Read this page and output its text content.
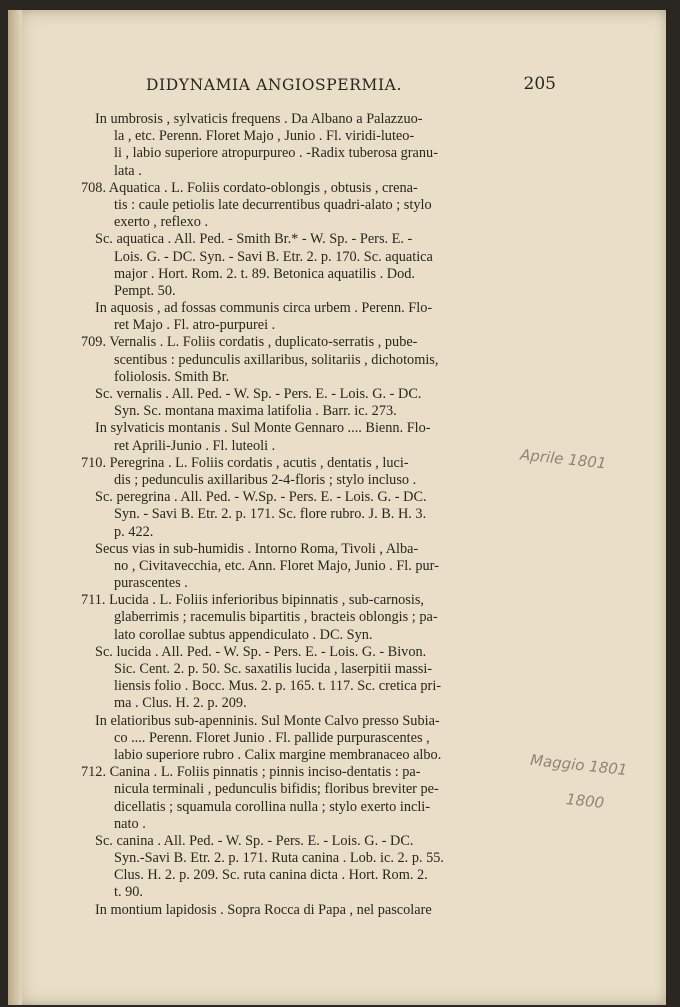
DIDYNAMIA ANGIOSPERMIA.	205
In umbrosis , sylvaticis frequens . Da Albano a Palazzuo-
la , etc. Perenn. Floret Majo , Junio . Fl. viridi-luteo-
li , labio superiore atropurpureo . -Radix tuberosa granu-
lata .
708. Aquatica . L. Foliis cordato-oblongis , obtusis , crena-
tis : caule petiolis late decurrentibus quadri-alato ; stylo
exerto , reflexo .
Sc. aquatica . All. Ped. - Smith Br.* - W. Sp. - Pers. E. -
Lois. G. - DC. Syn. - Savi B. Etr. 2. p. 170. Sc. aquatica
major . Hort. Rom. 2. t. 89. Betonica aquatilis . Dod.
Pempt. 50.
In aquosis , ad fossas communis circa urbem . Perenn. Flo-
ret Majo . Fl. atro-purpurei .
709. Vernalis . L. Foliis cordatis , duplicato-serratis , pube-
scentibus : pedunculis axillaribus, solitariis , dichotomis,
foliolosis. Smith Br.
Sc. vernalis . All. Ped. - W. Sp. - Pers. E. - Lois. G. - DC.
Syn. Sc. montana maxima latifolia . Barr. ic. 273.
In sylvaticis montanis . Sul Monte Gennaro .... Bienn. Flo-
ret Aprili-Junio . Fl. luteoli .
710. Peregrina . L. Foliis cordatis , acutis , dentatis , luci-
dis ; pedunculis axillaribus 2-4-floris ; stylo incluso .
Sc. peregrina . All. Ped. - W.Sp. - Pers. E. - Lois. G. - DC.
Syn. - Savi B. Etr. 2. p. 171. Sc. flore rubro. J. B. H. 3.
p. 422.
Secus vias in sub-humidis . Intorno Roma, Tivoli , Alba-
no , Civitavecchia, etc. Ann. Floret Majo, Junio . Fl. pur-
purascentes .
711. Lucida . L. Foliis inferioribus bipinnatis , sub-carnosis,
glaberrimis ; racemulis bipartitis , bracteis oblongis ; pa-
lato corollae subtus appendiculato . DC. Syn.
Sc. lucida . All. Ped. - W. Sp. - Pers. E. - Lois. G. - Bivon.
Sic. Cent. 2. p. 50. Sc. saxatilis lucida , laserpitii massi-
liensis folio . Bocc. Mus. 2. p. 165. t. 117. Sc. cretica pri-
ma . Clus. H. 2. p. 209.
In elatioribus sub-apenninis. Sul Monte Calvo presso Subia-
co .... Perenn. Floret Junio . Fl. pallide purpurascentes ,
labio superiore rubro . Calix margine membranaceo albo.
712. Canina . L. Foliis pinnatis ; pinnis inciso-dentatis : pa-
nicula terminali , pedunculis bifidis; floribus breviter pe-
dicellatis ; squamula corollina nulla ; stylo exerto incli-
nato .
Sc. canina . All. Ped. - W. Sp. - Pers. E. - Lois. G. - DC.
Syn.-Savi B. Etr. 2. p. 171. Ruta canina . Lob. ic. 2. p. 55.
Clus. H. 2. p. 209. Sc. ruta canina dicta . Hort. Rom. 2.
t. 90.
In montium lapidosis . Sopra Rocca di Papa , nel pascolare
Aprile 1801
Maggio 1801
1800
